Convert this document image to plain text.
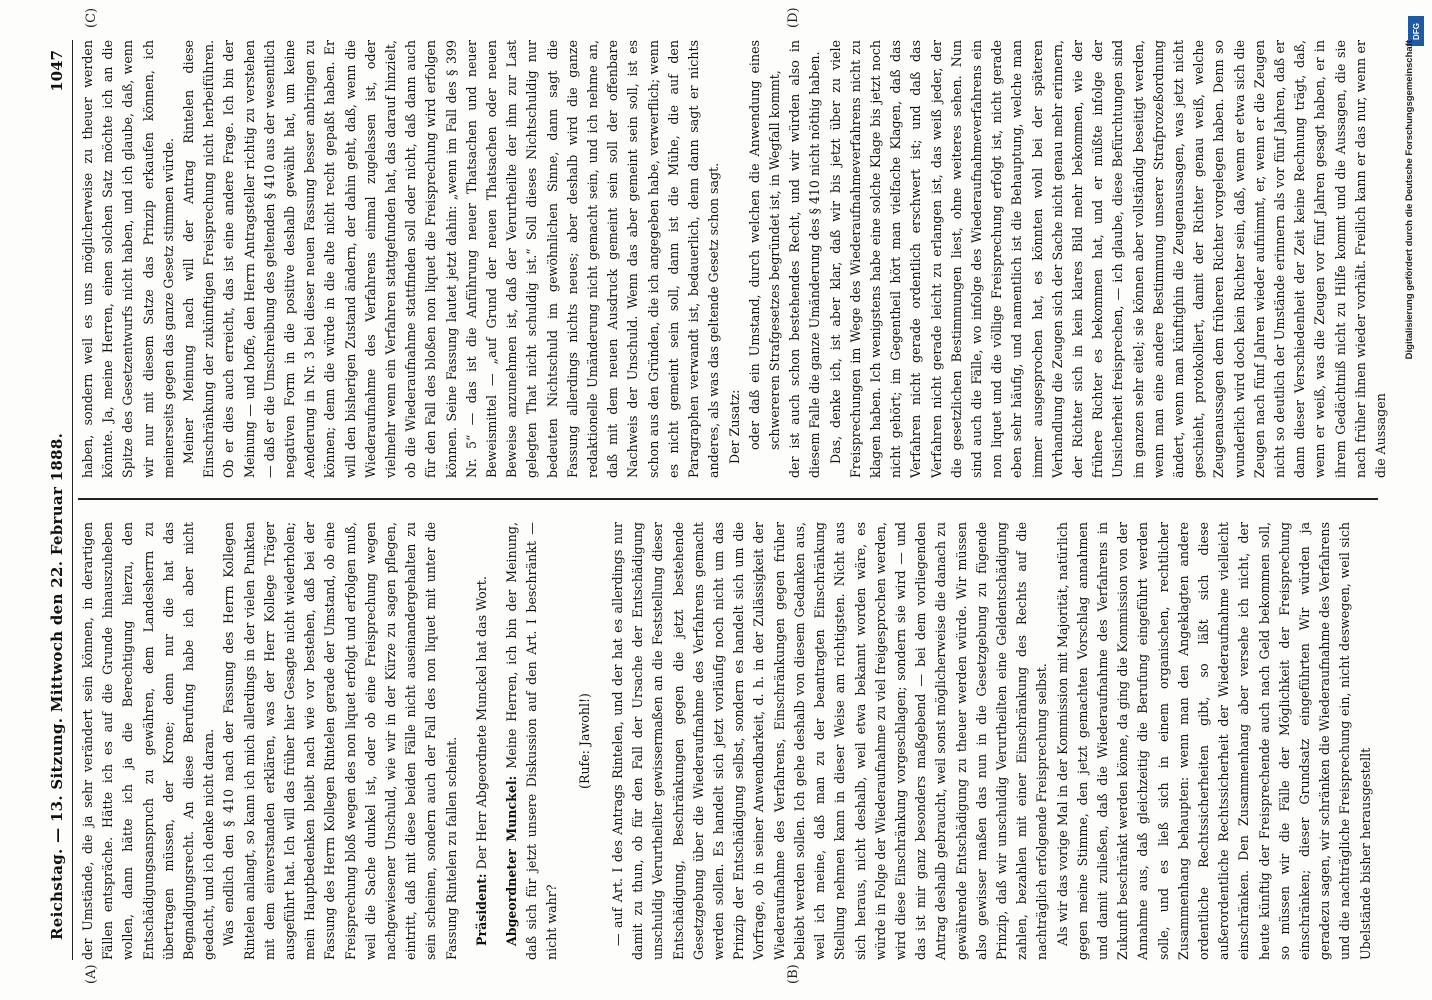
Reichstag. — 13. Sitzung. Mittwoch den 22. Februar 1888.
1047
(A)	(B)
(C)	(D)

der Umstände, die ja sehr verändert sein können, in derartigen Fällen entspräche. Hätte ich es auf die Grunde hinauszuheben wollen, dann hätte ich ja die Berechtigung hierzu, den Entschädigungsanspruch zu gewähren, dem Landesherrn zu übertragen müssen, der Krone; denn nur die hat das Begnadigungsrecht. An diese Berufung habe ich aber nicht gedacht, und ich denke nicht daran. Was endlich den § 410 nach der Fassung des Herrn Kollegen Rintelen anlangt, so kann ich mich allerdings in der vielen Punkten mit dem einverstanden erklären, was der Herr Kollege Träger ausgeführt hat. Ich will das früher hier Gesagte nicht wiederholen; mein Hauptbedenken bleibt nach wie vor bestehen, daß bei der Fassung des Herrn Kollegen Rintelen gerade der Umstand, ob eine Freisprechung bloß wegen des non liquet erfolgt und erfolgen muß, weil die Sache dunkel ist, oder ob eine Freisprechung wegen nachgewiesener Unschuld, wie wir in der Kürze zu sagen pflegen, eintritt, daß mit diese beiden Fälle nicht auseinandergehalten zu sein scheinen, sondern auch der Fall des non liquet mit unter die Fassung Rintelen zu fallen scheint. Präsident: Der Herr Abgeordnete Munckel hat das Wort. Abgeordneter Munckel: Meine Herren, ich bin der Meinung, daß sich für jetzt unsere Diskussion auf den Art. I beschränkt — nicht wahr?

(Rufe: Jawohl!) — auf Art. I des Antrags Rintelen, und der hat es allerdings nur damit zu thun, ob für den Fall der Ursache der Entschädigung unschuldig Verurtheilter gewissermaßen an die Feststellung dieser Entschädigung, Beschränkungen gegen die jetzt bestehende Gesetzgebung über die Wiederaufnahme des Verfahrens gemacht werden sollen. Es handelt sich jetzt vorläufig noch nicht um das Prinzip der Entschädigung selbst, sondern es handelt sich um die Vorfrage, ob in seiner Anwendbarkeit, d. h. in der Zulässigkeit der Wiederaufnahme des Verfahrens, Einschränkungen gegen früher beliebt werden sollen. Ich gehe deshalb von diesem Gedanken aus, weil ich meine, daß man zu der beantragten Einschränkung Stellung nehmen kann in dieser Weise am richtigsten. Nicht aus sich heraus, nicht deshalb, weil etwa bekannt worden wäre, es würde in Folge der Wiederaufnahme zu viel freigesprochen werden, wird diese Einschränkung vorgeschlagen; sondern sie wird — und das ist mir ganz besonders maßgebend — bei dem vorliegenden Antrag deshalb gebraucht, weil sonst möglicherweise die danach zu gewährende Entschädigung zu theuer werden würde. Wir müssen also gewisser maßen das nun in die Gesetzgebung zu fügende Prinzip, daß wir unschuldig Verurtheilten eine Geldentschädigung zahlen, bezahlen mit einer Einschränkung des Rechts auf die nachträglich erfolgende Freisprechung selbst. Als wir das vorige Mal in der Kommission mit Majorität, natürlich gegen meine Stimme, den jetzt gemachten Vorschlag annahmen und damit zuließen, daß die Wiederaufnahme des Verfahrens in Zukunft beschränkt werden könne, da ging die Kommission von der Annahme aus, daß gleichzeitig die Berufung eingeführt werden solle, und es ließ sich in einem organischen, rechtlicher Zusammenhang behaupten: wenn man den Angeklagten andere ordentliche Rechtssicherheiten gibt, so läßt sich diese außerordentliche Rechtssicherheit der Wiederaufnahme vielleicht einschränken. Den Zusammenhang aber versehe ich nicht, der heute künftig der Freisprechende auch nach Geld bekommen soll, so müssen wir die Fälle der Möglichkeit der Freisprechung einschränken; dieser Grundsatz eingeführten Wir würden ja geradezu sagen, wir schränken die Wiederaufnahme des Verfahrens und die nachträgliche Freisprechung ein, nicht deswegen, weil sich Ubelstände bisher herausgestellt

haben, sondern weil es uns möglicherweise zu theuer werden könnte. Ja, meine Herren, einen solchen Satz möchte ich an die Spitze des Gesetzentwurfs nicht haben, und ich glaube, daß, wenn wir nur mit diesem Satze das Prinzip erkaufen können, ich meinerseits gegen das ganze Gesetz stimmen würde. Meiner Meinung nach will der Antrag Rintelen diese Einschränkung der zukünftigen Freisprechung nicht herbeiführen. Ob er dies auch erreicht, das ist eine andere Frage. Ich bin der Meinung — und hoffe, den Herrn Antragsteller richtig zu verstehen — daß er die Umschreibung des geltenden § 410 aus der wesentlich negativen Form in die positive deshalb gewählt hat, um keine Aenderung in Nr. 3 bei dieser neuen Fassung besser anbringen zu können; denn die würde in die alte nicht recht gepaßt haben. Er will den bisherigen Zustand ändern, der dahin geht, daß, wenn die Wiederaufnahme des Verfahrens einmal zugelassen ist, oder vielmehr wenn ein Verfahren stattgefunden hat, das darauf hinzielt, ob die Wiederaufnahme stattfinden soll oder nicht, daß dann auch für den Fall des bloßen non liquet die Freisprechung wird erfolgen können. Seine Fassung lautet jetzt dahin: „wenn im Fall des § 399 Nr. 5“ — das ist die Anführung neuer Thatsachen und neuer Beweismittel — „auf Grund der neuen Thatsachen oder neuen Beweise anzunehmen ist, daß der Verurtheilte der ihm zur Last gelegten That nicht schuldig ist.“ Soll dieses Nichtschuldig nur bedeuten Nichtschuld im gewöhnlichen Sinne, dann sagt die Fassung allerdings nichts neues; aber deshalb wird die ganze redaktionelle Umänderung nicht gemacht sein, und ich nehme an, daß mit dem neuen Ausdruck gemeint sein soll der offenbare Nachweis der Unschuld. Wenn das aber gemeint sein soll, ist es schon aus den Gründen, die ich angegeben habe, verwerflich; wenn es nicht gemeint sein soll, dann ist die Mühe, die auf den Paragraphen verwandt ist, bedauerlich, denn dann sagt er nichts anderes, als was das geltende Gesetz schon sagt. Der Zusatz: oder daß ein Umstand, durch welchen die Anwendung eines schwereren Strafgesetzes begründet ist, in Wegfall kommt, der ist auch schon bestehendes Recht, und wir würden also in diesem Falle die ganze Umänderung des § 410 nicht nöthig haben. Das, denke ich, ist aber klar, daß wir bis jetzt über zu viele Freisprechungen im Wege des Wiederaufnahmeverfahrens nicht zu klagen haben. Ich wenigstens habe eine solche Klage bis jetzt noch nicht gehört; im Gegentheil hört man vielfache Klagen, daß das Verfahren nicht gerade ordentlich erschwert ist; und daß das Verfahren nicht gerade leicht zu erlangen ist, das weiß jeder, der die gesetzlichen Bestimmungen liest, ohne weiteres sehen. Nun sind auch die Fälle, wo infolge des Wiederaufnahmeverfahrens ein non liquet und die völlige Freisprechung erfolgt ist, nicht gerade eben sehr häufig, und namentlich ist die Behauptung, welche man immer ausgesprochen hat, es könnten wohl bei der späteren Verhandlung die Zeugen sich der Sache nicht genau mehr erinnern, der Richter sich in kein klares Bild mehr bekommen, wie der frühere Richter es bekommen hat, und er müßte infolge der Unsicherheit freisprechen, — ich glaube, diese Befürchtungen sind im ganzen sehr eitel; sie können aber vollständig beseitigt werden, wenn man eine andere Bestimmung unserer Strafprozeßordnung ändert, wenn man künftighin die Zeugenaussagen, was jetzt nicht geschieht, protokolliert, damit der Richter genau weiß, welche Zeugenaussagen dem früheren Richter vorgelegen haben. Denn so wunderlich wird doch kein Richter sein, daß, wenn er etwa sich die Zeugen nach fünf Jahren wieder aufnimmt, er, wenn er die Zeugen nicht so deutlich der Umstände erinnern als vor fünf Jahren, daß er dann dieser Verschiedenheit der Zeit keine Rechnung trägt, daß, wenn er weiß, was die Zeugen vor fünf Jahren gesagt haben, er in ihrem Gedächtniß nicht zu Hilfe kommt und die Aussagen, die sie nach früher ihnen wieder vorhält. Freilich kann er das nur, wenn er die Aussagen

DFG
Digitalisierung gefördert durch die Deutsche Forschungsgemeinschaft
